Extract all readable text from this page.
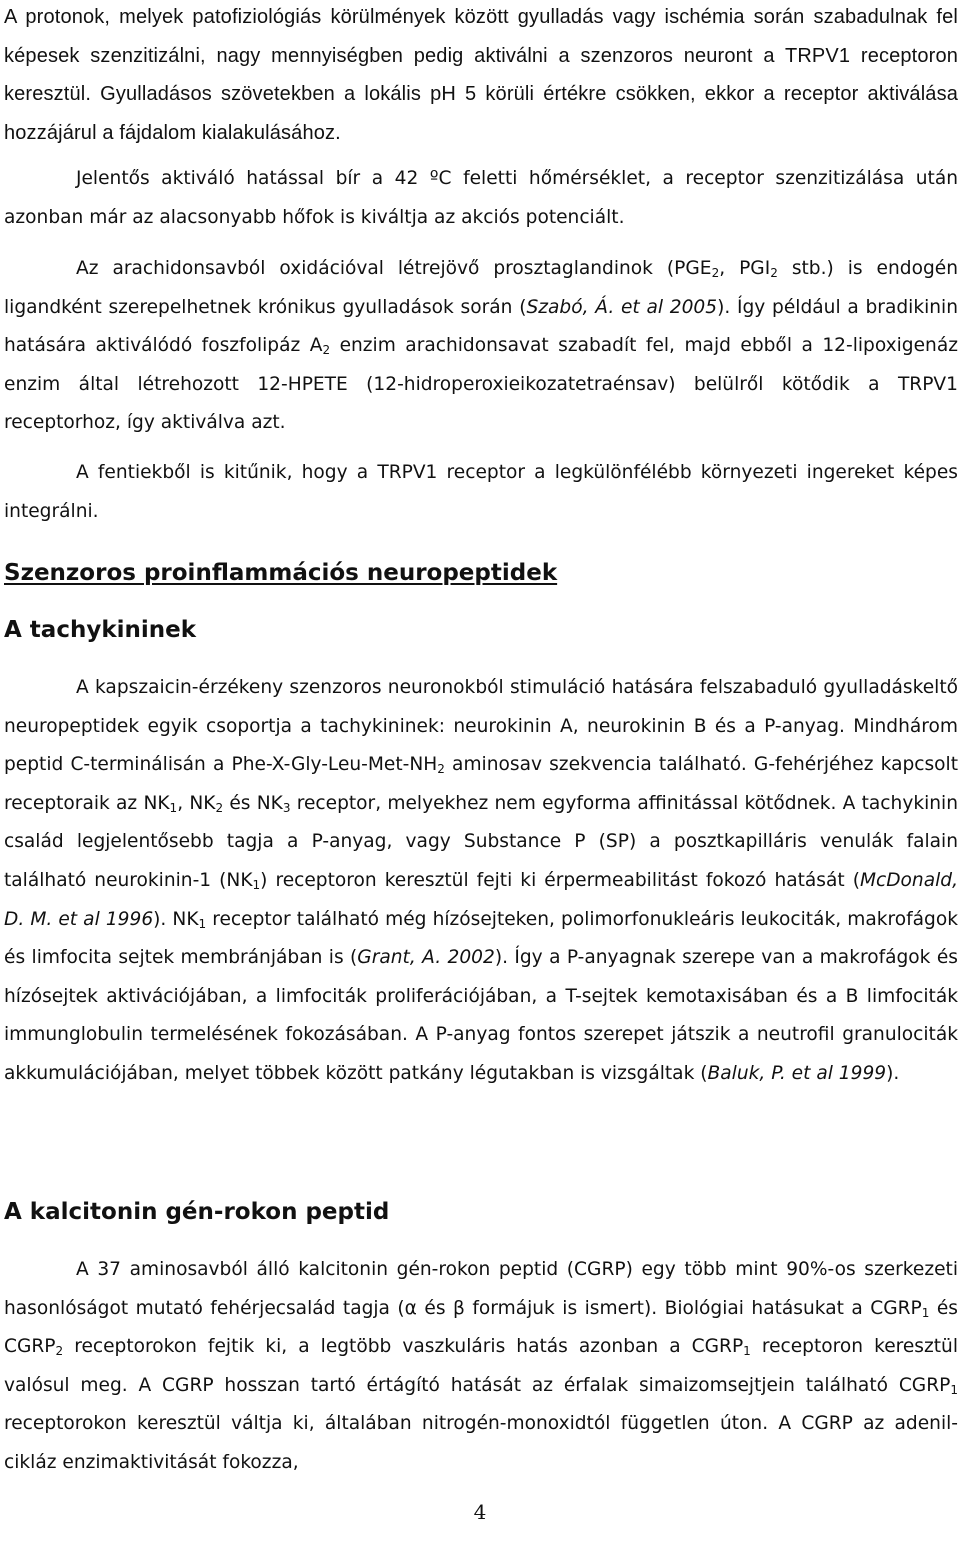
A protonok, melyek patofiziológiás körülmények között gyulladás vagy ischémia során szabadulnak fel képesek szenzitizálni, nagy mennyiségben pedig aktiválni a szenzoros neuront a TRPV1 receptoron keresztül. Gyulladásos szövetekben a lokális pH 5 körüli értékre csökken, ekkor a receptor aktiválása hozzájárul a fájdalom kialakulásához.

Jelentős aktiváló hatással bír a 42 ºC feletti hőmérséklet, a receptor szenzitizálása után azonban már az alacsonyabb hőfok is kiváltja az akciós potenciált.

Az arachidonsavból oxidációval létrejövő prosztaglandinok ($PGE_2$, $PGI_2$ stb.) is endogén ligandként szerepelhetnek krónikus gyulladások során (Szabó, Á. et al 2005). Így például a bradikinin hatására aktiválódó foszfolipáz $A_2$ enzim arachidonsavat szabadít fel, majd ebből a 12-lipoxigenáz enzim által létrehozott 12-HPETE (12-hidroperoxieikozatetraénsav) belülről kötődik a TRPV1 receptorhoz, így aktiválva azt.

A fentiekből is kitűnik, hogy a TRPV1 receptor a legkülönfélébb környezeti ingereket képes integrálni.

Szenzoros proinflammációs neuropeptidek
A tachykininek

A kapszaicin-érzékeny szenzoros neuronokból stimuláció hatására felszabaduló gyulladáskeltő neuropeptidek egyik csoportja a tachykininek: neurokinin A, neurokinin B és a P-anyag. Mindhárom peptid C-terminálisán a Phe-$X-Gly-Leu-Met-NH_2$ aminosav szekvencia található. G-fehérjéhez kapcsolt receptoraik az $NK_1$, $NK_2$ és $NK_3$ receptor, melyekhez nem egyforma affinitással kötődnek. A tachykinin család legjelentősebb tagja a P-anyag, vagy Substance P (SP) a posztkapilláris venulák falain található neurokinin-1 $(NK_1)$ receptoron keresztül fejti ki érpermeabilitást fokozó hatását (McDonald, D. M. et al 1996). $NK_1$ receptor található még hízósejteken, polimorfonukleáris leukociták, makrofágok és limfocita sejtek membránjában is (Grant, A. 2002). Így a P-anyagnak szerepe van a makrofágok és hízósejtek aktivációjában, a limfociták proliferációjában, a T-sejtek kemotaxisában és a B limfociták immunglobulin termelésének fokozásában. A P-anyag fontos szerepet játszik a neutrofil granulociták akkumulációjában, melyet többek között patkány légutakban is vizsgáltak (Baluk, P. et al 1999).

A kalcitonin gén-rokon peptid

A 37 aminosavból álló kalcitonin gén-rokon peptid (CGRP) egy több mint 90%-os szerkezeti hasonlóságot mutató fehérjecsalád tagja (α és β formájuk is ismert). Biológiai hatásukat a $CGRP_1$ és $CGRP_2$ receptorokon fejtik ki, a legtöbb vaszkuláris hatás azonban a $CGRP_1$ receptoron keresztül valósul meg. A CGRP hosszan tartó értágító hatását az érfalak simaizomsejtjein található $CGRP_1$ receptorokon keresztül váltja ki, általában nitrogén-monoxidtól független úton. A CGRP az adenil-cikláz enzimaktivitását fokozza,

4
